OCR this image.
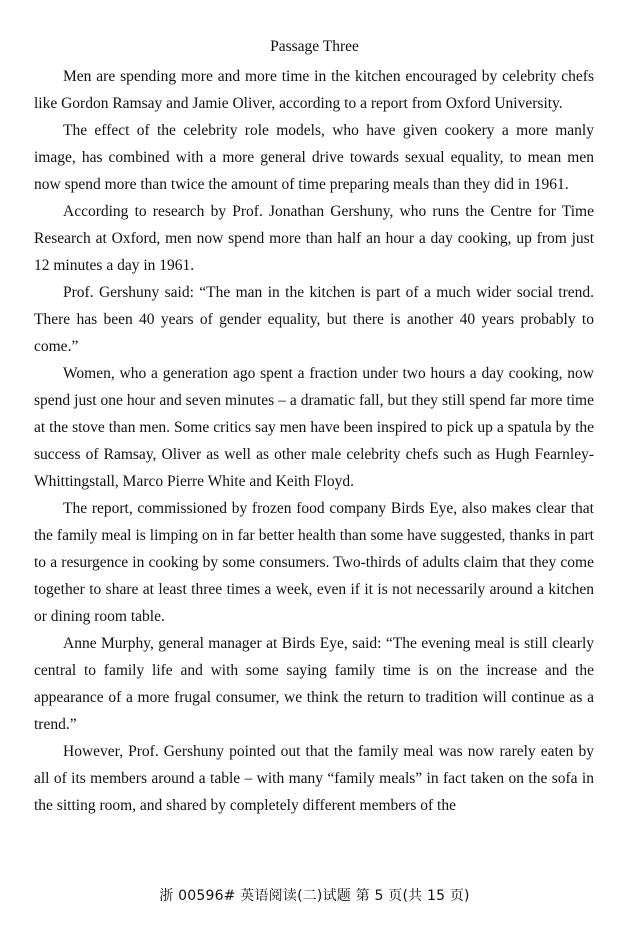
Passage Three

Men are spending more and more time in the kitchen encouraged by celebrity chefs like Gordon Ramsay and Jamie Oliver, according to a report from Oxford University.

The effect of the celebrity role models, who have given cookery a more manly image, has combined with a more general drive towards sexual equality, to mean men now spend more than twice the amount of time preparing meals than they did in 1961.

According to research by Prof. Jonathan Gershuny, who runs the Centre for Time Research at Oxford, men now spend more than half an hour a day cooking, up from just 12 minutes a day in 1961.

Prof. Gershuny said: “The man in the kitchen is part of a much wider social trend. There has been 40 years of gender equality, but there is another 40 years probably to come.”

Women, who a generation ago spent a fraction under two hours a day cooking, now spend just one hour and seven minutes – a dramatic fall, but they still spend far more time at the stove than men. Some critics say men have been inspired to pick up a spatula by the success of Ramsay, Oliver as well as other male celebrity chefs such as Hugh Fearnley-Whittingstall, Marco Pierre White and Keith Floyd.

The report, commissioned by frozen food company Birds Eye, also makes clear that the family meal is limping on in far better health than some have suggested, thanks in part to a resurgence in cooking by some consumers. Two-thirds of adults claim that they come together to share at least three times a week, even if it is not necessarily around a kitchen or dining room table.

Anne Murphy, general manager at Birds Eye, said: “The evening meal is still clearly central to family life and with some saying family time is on the increase and the appearance of a more frugal consumer, we think the return to tradition will continue as a trend.”

However, Prof. Gershuny pointed out that the family meal was now rarely eaten by all of its members around a table – with many “family meals” in fact taken on the sofa in the sitting room, and shared by completely different members of the

浙 00596# 英语阅读(二)试题 第 5 页(共 15 页)
